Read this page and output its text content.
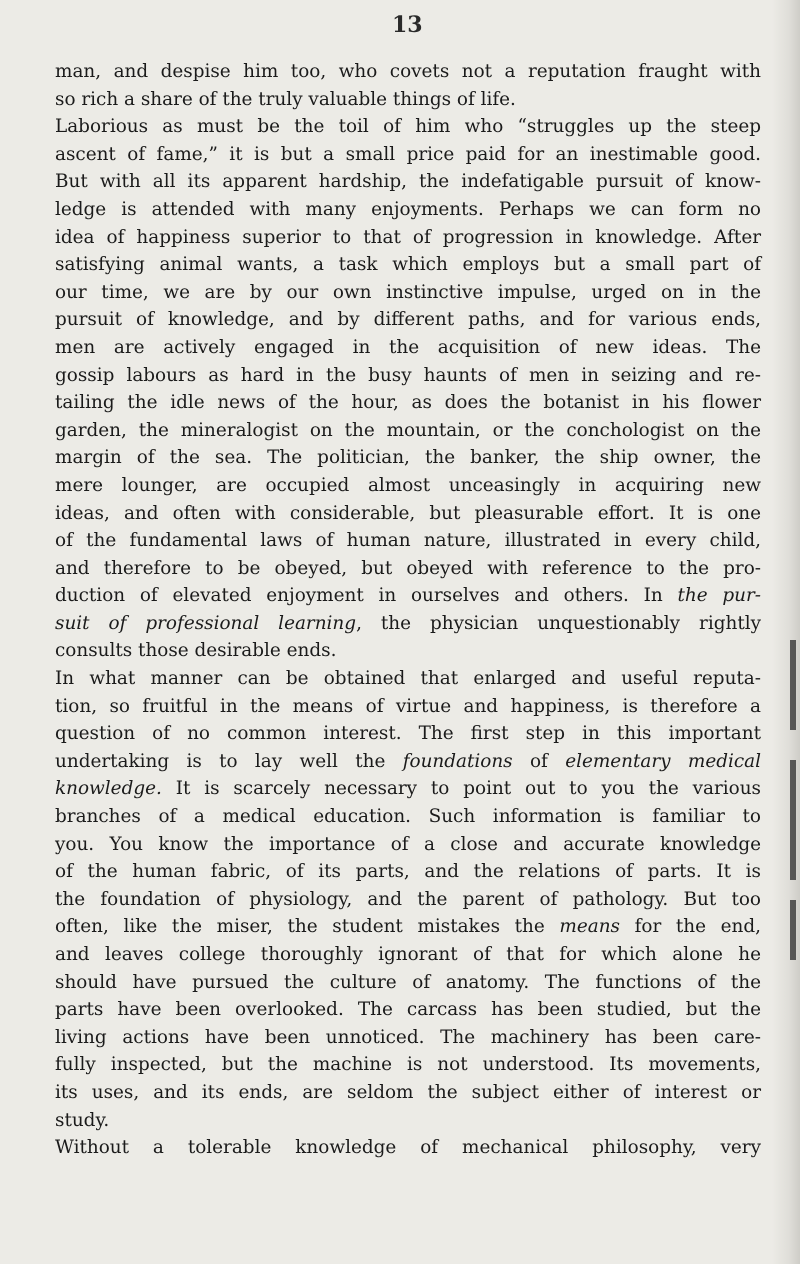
13
man, and despise him too, who covets not a reputation fraught with
so rich a share of the truly valuable things of life.
Laborious as must be the toil of him who “struggles up the steep
ascent of fame,” it is but a small price paid for an inestimable good.
But with all its apparent hardship, the indefatigable pursuit of know-
ledge is attended with many enjoyments. Perhaps we can form no
idea of happiness superior to that of progression in knowledge. After
satisfying animal wants, a task which employs but a small part of
our time, we are by our own instinctive impulse, urged on in the
pursuit of knowledge, and by different paths, and for various ends,
men are actively engaged in the acquisition of new ideas. The
gossip labours as hard in the busy haunts of men in seizing and re-
tailing the idle news of the hour, as does the botanist in his flower
garden, the mineralogist on the mountain, or the conchologist on the
margin of the sea. The politician, the banker, the ship owner, the
mere lounger, are occupied almost unceasingly in acquiring new
ideas, and often with considerable, but pleasurable effort. It is one
of the fundamental laws of human nature, illustrated in every child,
and therefore to be obeyed, but obeyed with reference to the pro-
duction of elevated enjoyment in ourselves and others. In the pur-
suit of professional learning, the physician unquestionably rightly
consults those desirable ends.
In what manner can be obtained that enlarged and useful reputa-
tion, so fruitful in the means of virtue and happiness, is therefore a
question of no common interest. The first step in this important
undertaking is to lay well the foundations of elementary medical
knowledge. It is scarcely necessary to point out to you the various
branches of a medical education. Such information is familiar to
you. You know the importance of a close and accurate knowledge
of the human fabric, of its parts, and the relations of parts. It is
the foundation of physiology, and the parent of pathology. But too
often, like the miser, the student mistakes the means for the end,
and leaves college thoroughly ignorant of that for which alone he
should have pursued the culture of anatomy. The functions of the
parts have been overlooked. The carcass has been studied, but the
living actions have been unnoticed. The machinery has been care-
fully inspected, but the machine is not understood. Its movements,
its uses, and its ends, are seldom the subject either of interest or
study.
Without a tolerable knowledge of mechanical philosophy, very
